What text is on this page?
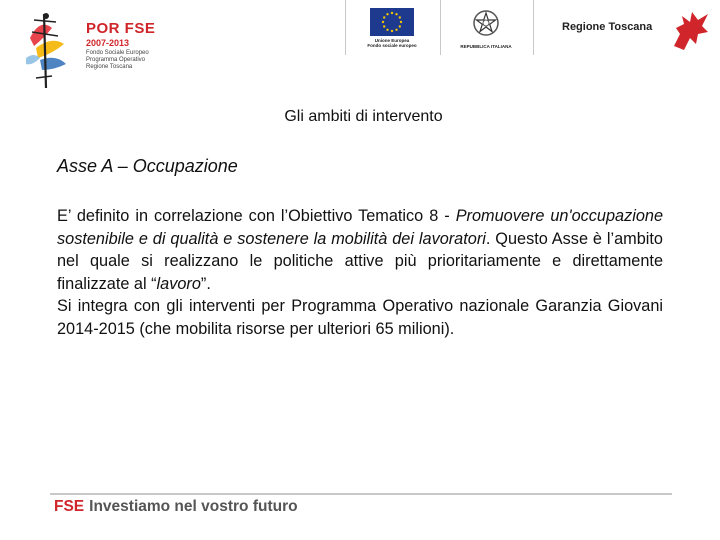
POR FSE
2007-2013
Fondo Sociale Europeo
Programma Operativo
Regione Toscana
Unione Europea
Fondo sociale europeo	REPUBBLICA ITALIANA
Regione Toscana
Gli ambiti di intervento
Asse A – Occupazione

E’ definito in correlazione con l’Obiettivo Tematico 8 - Promuovere un'occupazione sostenibile e di qualità e sostenere la mobilità dei lavoratori. Questo Asse è l’ambito nel quale si realizzano le politiche attive più prioritariamente e direttamente finalizzate al “lavoro”.

Si integra con gli interventi per Programma Operativo nazionale Garanzia Giovani 2014-2015 (che mobilita risorse per ulteriori 65 milioni).

FSE Investiamo nel vostro futuro
